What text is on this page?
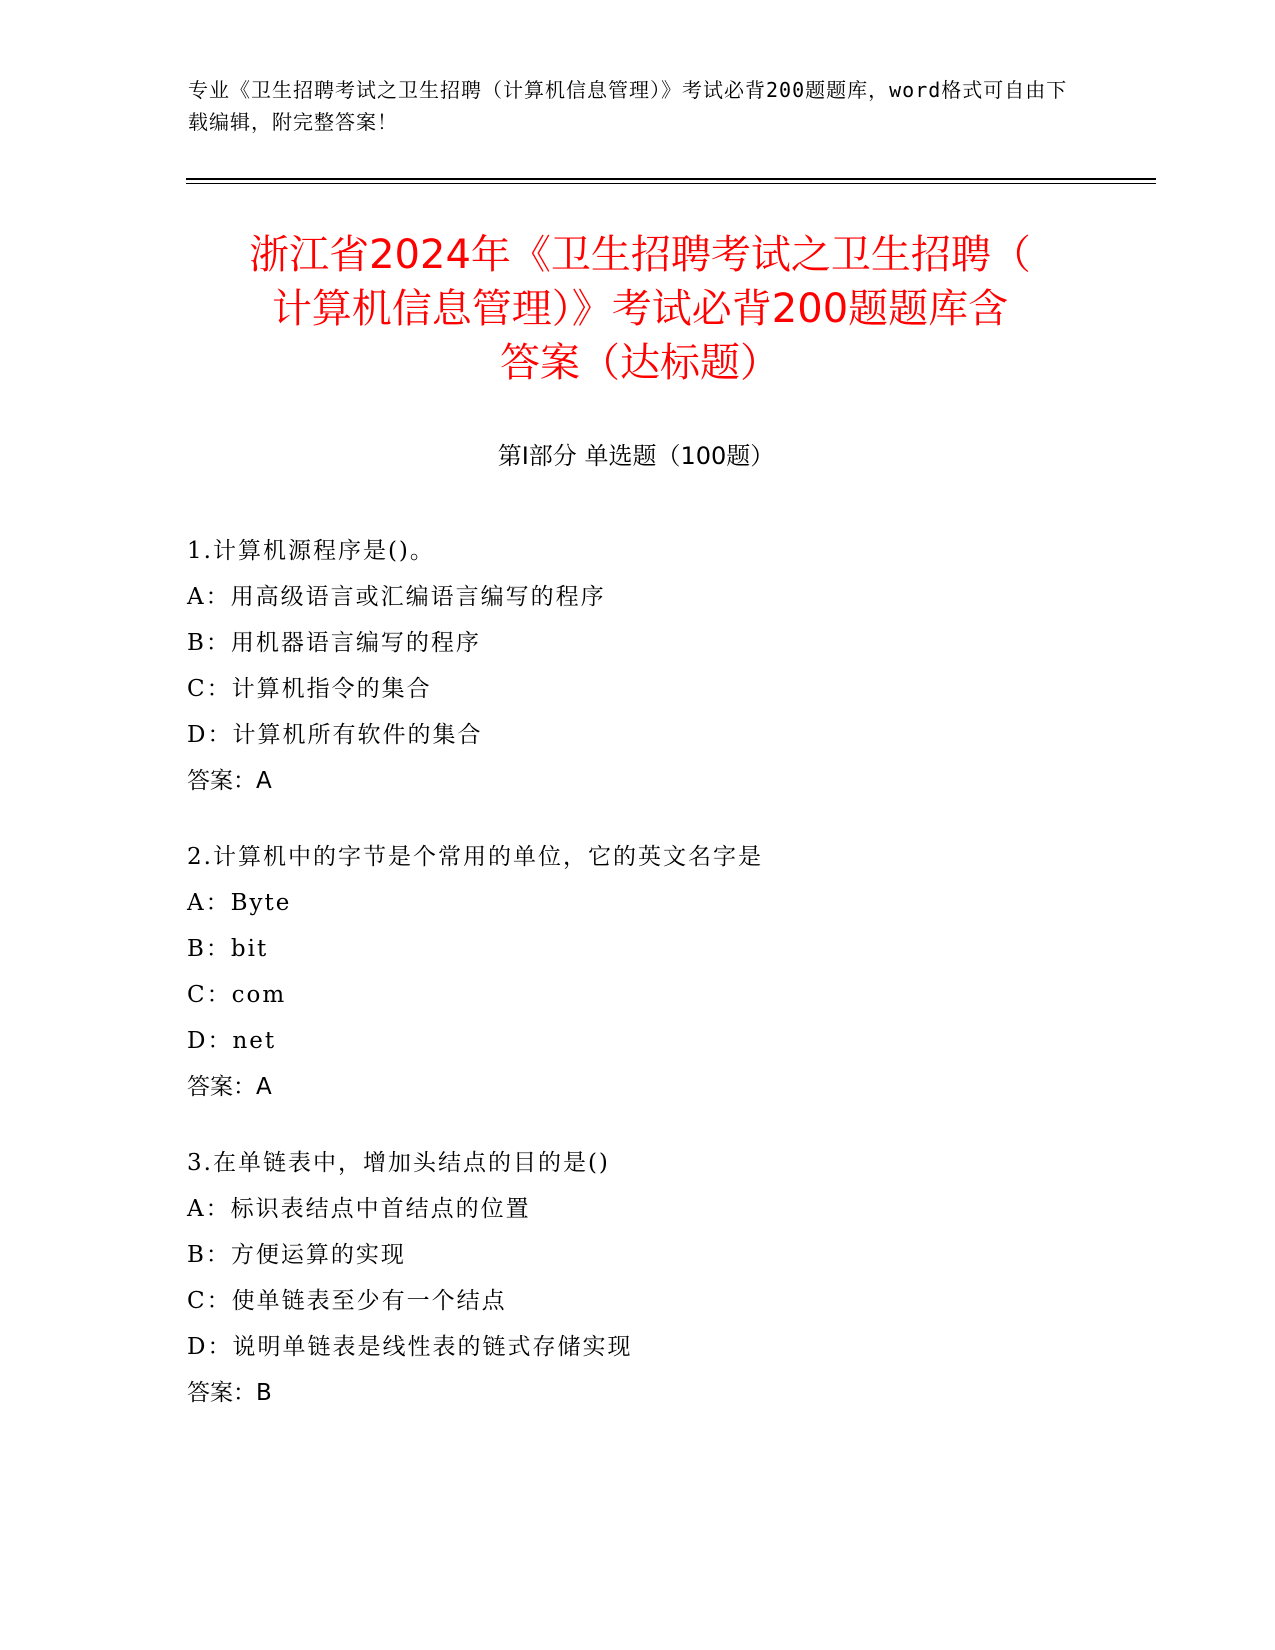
专业《卫生招聘考试之卫生招聘（计算机信息管理）》考试必背200题题库，word格式可自由下载编辑，附完整答案！
浙江省2024年《卫生招聘考试之卫生招聘（
计算机信息管理）》考试必背200题题库含
答案（达标题）
第I部分 单选题（100题）
1.计算机源程序是()。
A：用高级语言或汇编语言编写的程序
B：用机器语言编写的程序
C：计算机指令的集合
D：计算机所有软件的集合
答案：A
2.计算机中的字节是个常用的单位，它的英文名字是
A：Byte
B：bit
C：com
D：net
答案：A
3.在单链表中，增加头结点的目的是()
A：标识表结点中首结点的位置
B：方便运算的实现
C：使单链表至少有一个结点
D：说明单链表是线性表的链式存储实现
答案：B
